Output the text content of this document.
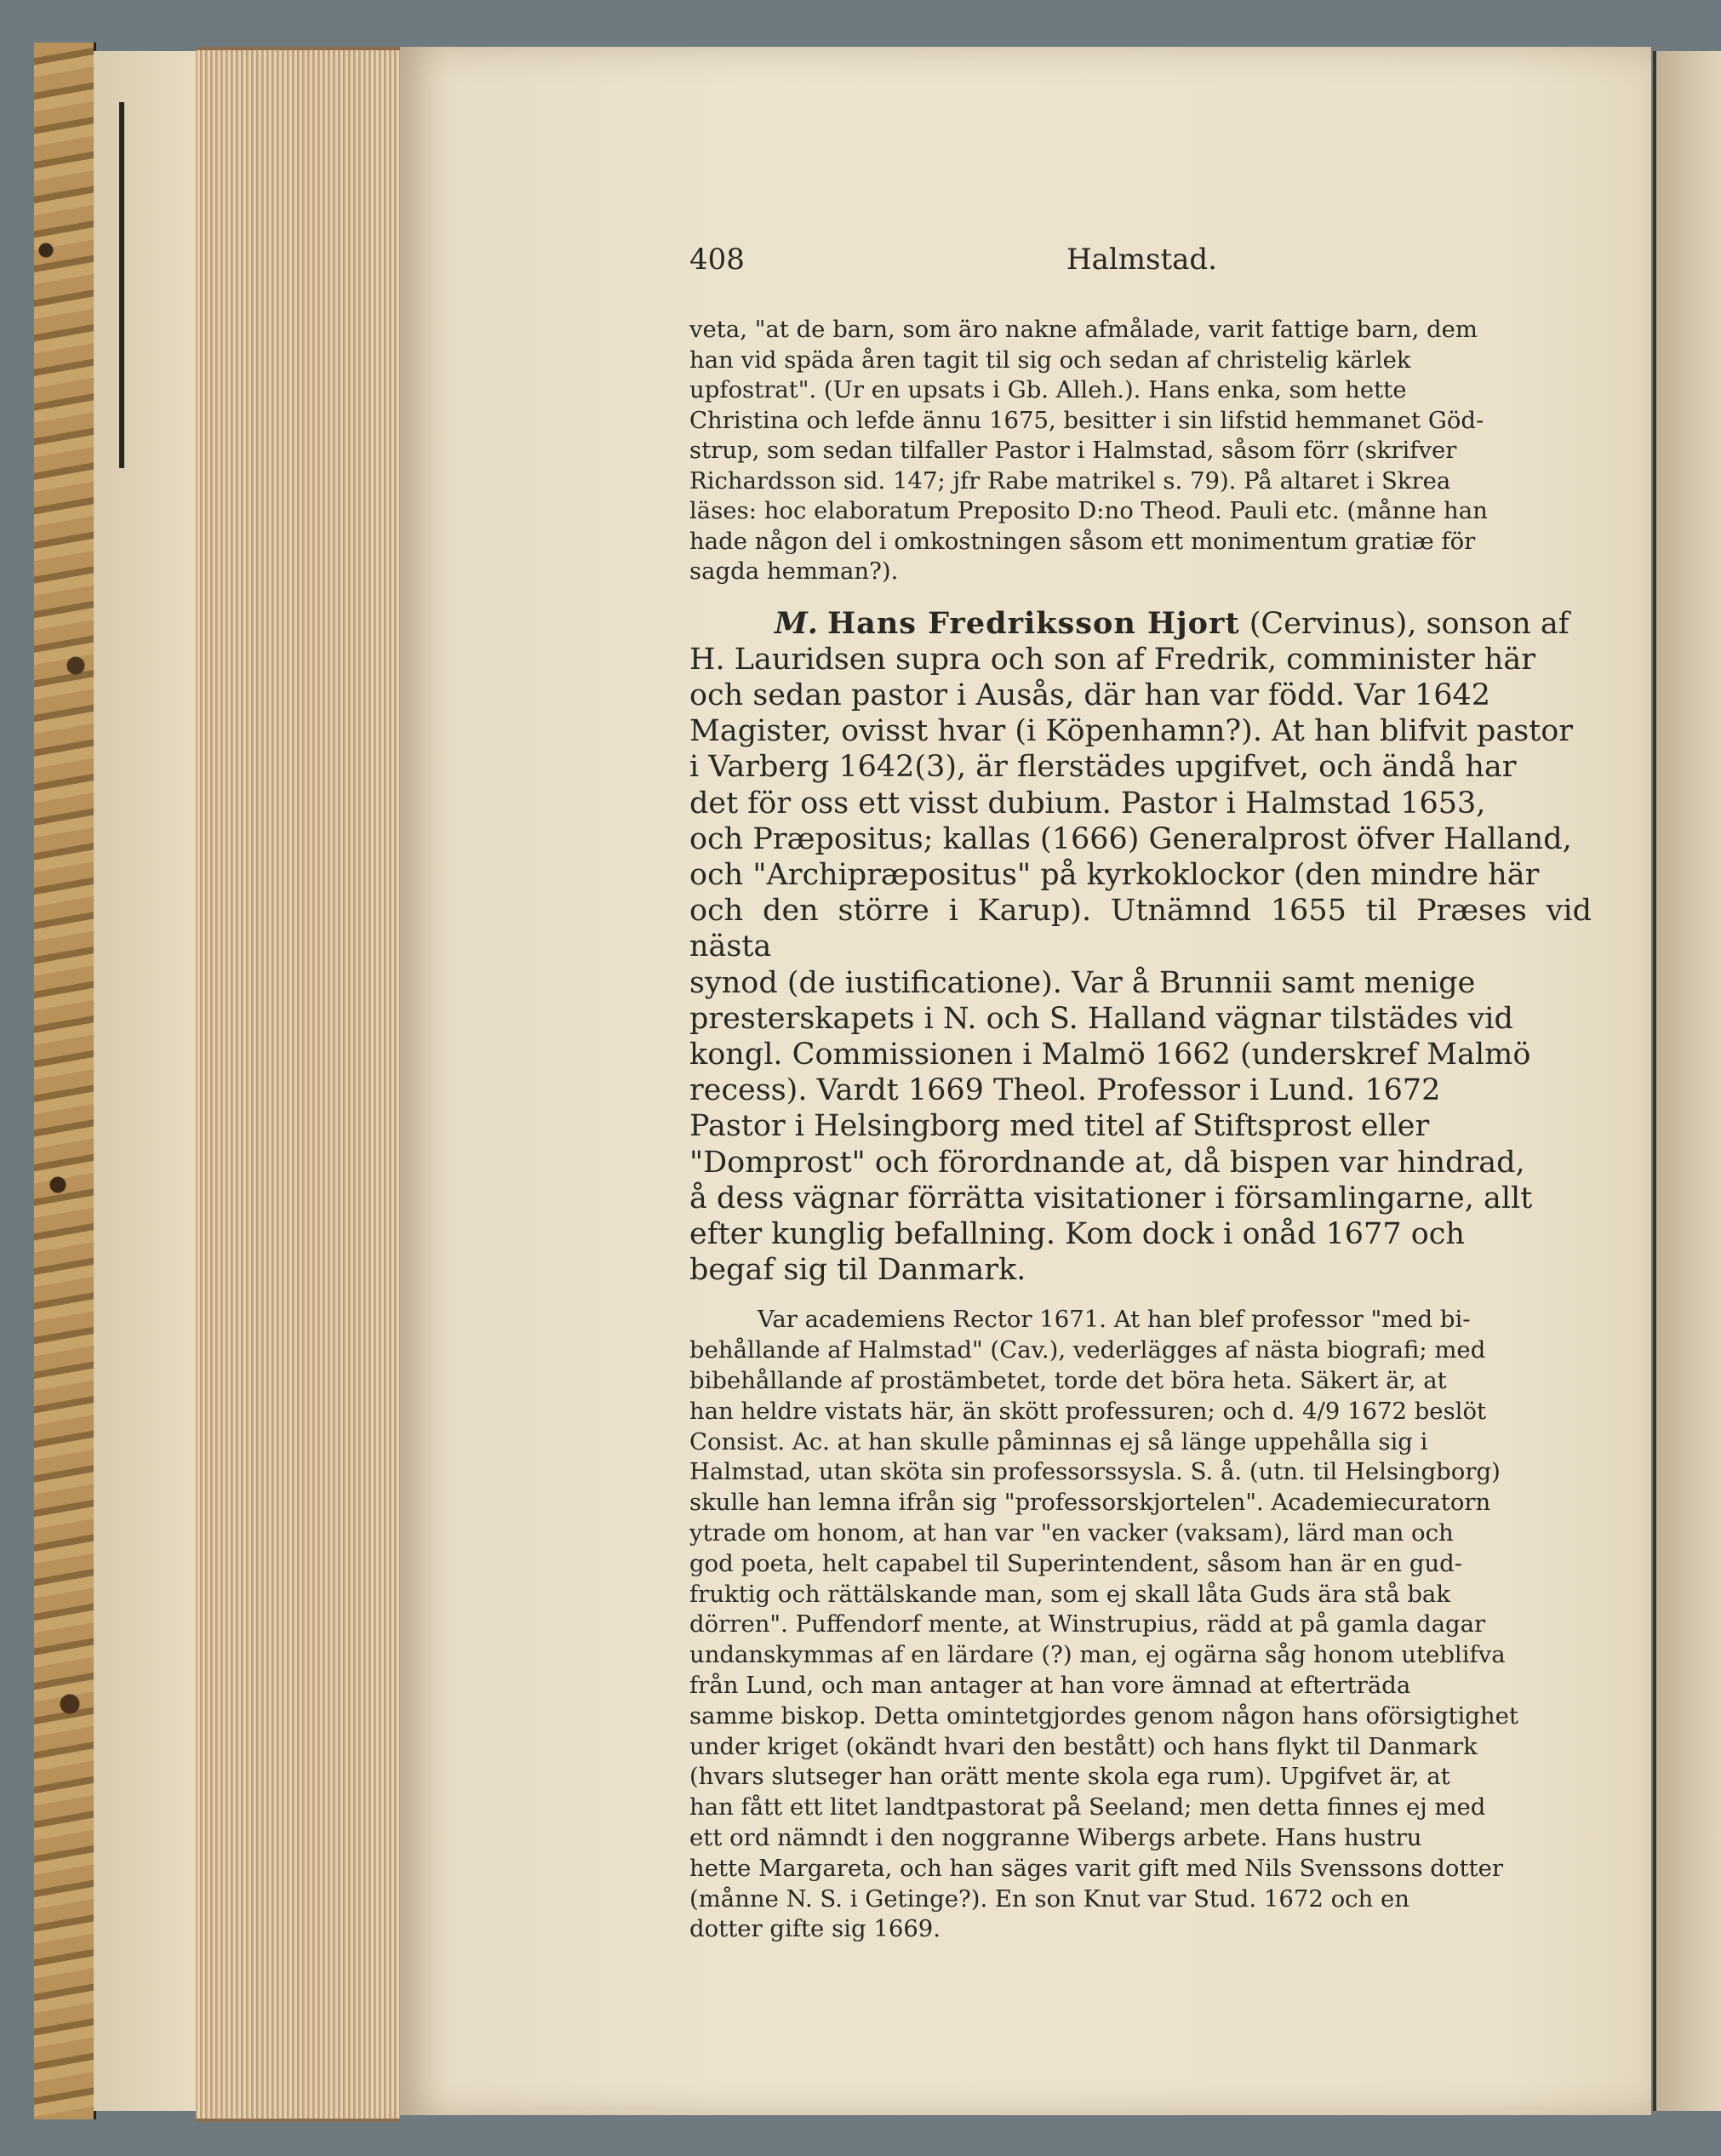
408	Halmstad.

veta, "at de barn, som äro nakne afmålade, varit fattige barn, dem

han vid späda åren tagit til sig och sedan af christelig kärlek

upfostrat". (Ur en upsats i Gb. Alleh.). Hans enka, som hette

Christina och lefde ännu 1675, besitter i sin lifstid hemmanet Göd-

strup, som sedan tilfaller Pastor i Halmstad, såsom förr (skrifver

Richardsson sid. 147; jfr Rabe matrikel s. 79). På altaret i Skrea

läses: hoc elaboratum Preposito D:no Theod. Pauli etc. (månne han

hade någon del i omkostningen såsom ett monimentum gratiæ för

sagda hemman?).

M. Hans Fredriksson Hjort (Cervinus), sonson af

H. Lauridsen supra och son af Fredrik, comminister här

och sedan pastor i Ausås, där han var född. Var 1642

Magister, ovisst hvar (i Köpenhamn?). At han blifvit pastor

i Varberg 1642(3), är flerstädes upgifvet, och ändå har

det för oss ett visst dubium. Pastor i Halmstad 1653,

och Præpositus; kallas (1666) Generalprost öfver Halland,

och "Archipræpositus" på kyrkoklockor (den mindre här

och den större i Karup). Utnämnd 1655 til Præses vid nästa

synod (de iustificatione). Var å Brunnii samt menige

presterskapets i N. och S. Halland vägnar tilstädes vid

kongl. Commissionen i Malmö 1662 (underskref Malmö

recess). Vardt 1669 Theol. Professor i Lund. 1672

Pastor i Helsingborg med titel af Stiftsprost eller

"Domprost" och förordnande at, då bispen var hindrad,

å dess vägnar förrätta visitationer i församlingarne, allt

efter kunglig befallning. Kom dock i onåd 1677 och

begaf sig til Danmark.

Var academiens Rector 1671. At han blef professor "med bi-

behållande af Halmstad" (Cav.), vederlägges af nästa biografi; med

bibehållande af prostämbetet, torde det böra heta. Säkert är, at

han heldre vistats här, än skött professuren; och d. 4/9 1672 beslöt

Consist. Ac. at han skulle påminnas ej så länge uppehålla sig i

Halmstad, utan sköta sin professorssysla. S. å. (utn. til Helsingborg)

skulle han lemna ifrån sig "professorskjortelen". Academiecuratorn

ytrade om honom, at han var "en vacker (vaksam), lärd man och

god poeta, helt capabel til Superintendent, såsom han är en gud-

fruktig och rättälskande man, som ej skall låta Guds ära stå bak

dörren". Puffendorf mente, at Winstrupius, rädd at på gamla dagar

undanskymmas af en lärdare (?) man, ej ogärna såg honom uteblifva

från Lund, och man antager at han vore ämnad at efterträda

samme biskop. Detta omintetgjordes genom någon hans oförsigtighet

under kriget (okändt hvari den bestått) och hans flykt til Danmark

(hvars slutseger han orätt mente skola ega rum). Upgifvet är, at

han fått ett litet landtpastorat på Seeland; men detta finnes ej med

ett ord nämndt i den noggranne Wibergs arbete. Hans hustru

hette Margareta, och han säges varit gift med Nils Svenssons dotter

(månne N. S. i Getinge?). En son Knut var Stud. 1672 och en

dotter gifte sig 1669.
